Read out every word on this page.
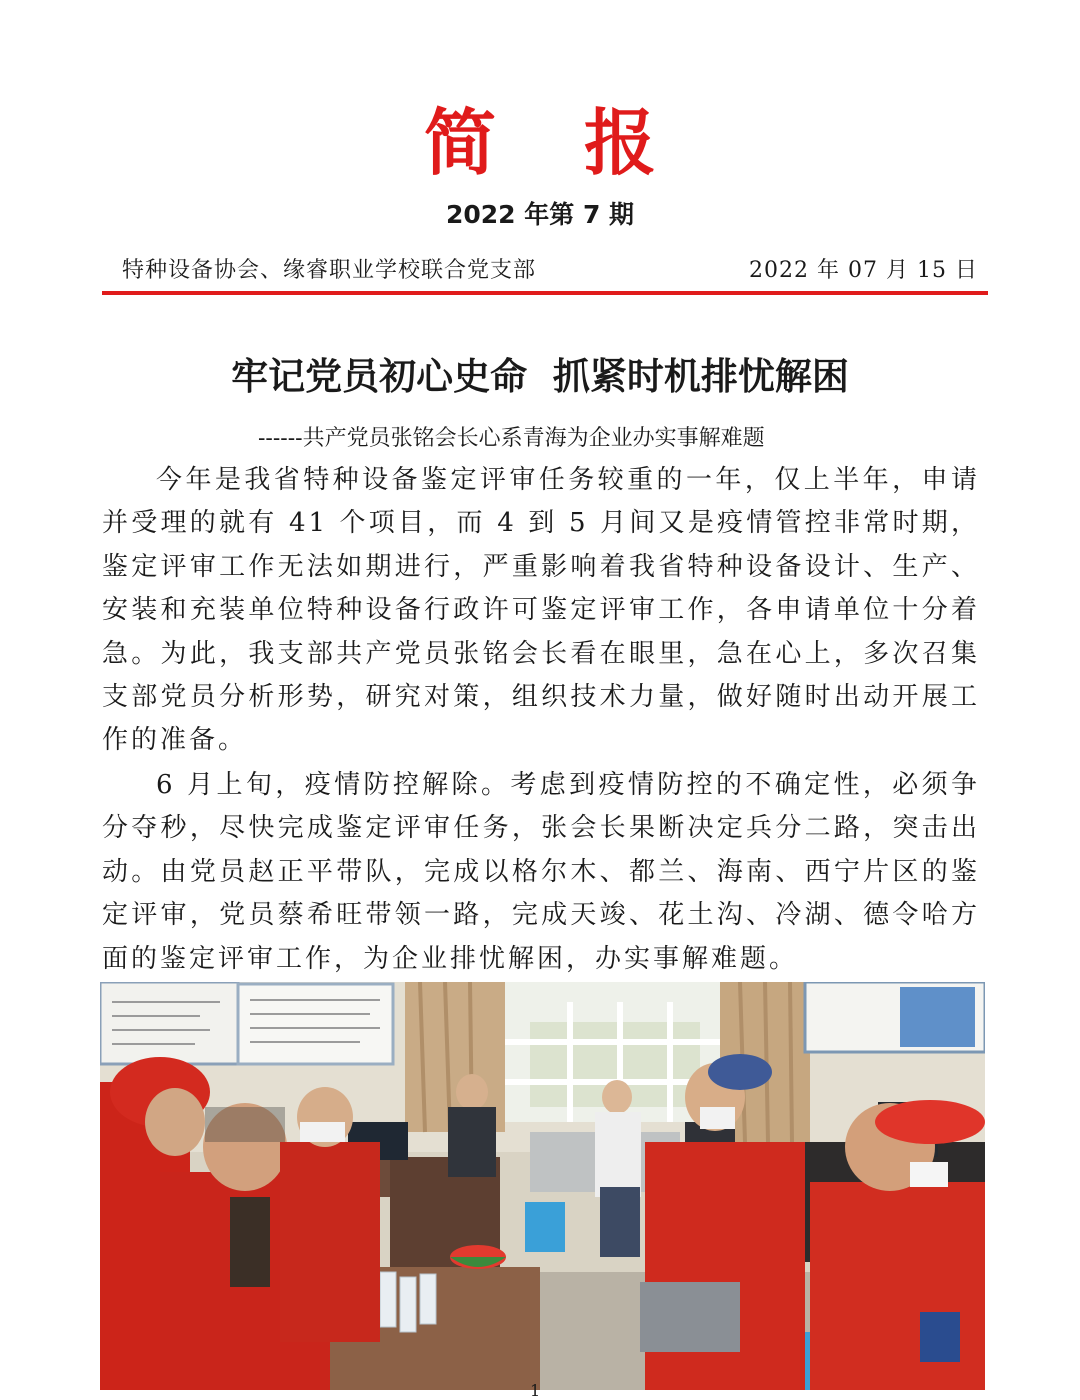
简报
2022 年第 7 期
特种设备协会、缘睿职业学校联合党支部	2022 年 07 月 15 日
牢记党员初心史命  抓紧时机排忧解困
------共产党员张铭会长心系青海为企业办实事解难题

今年是我省特种设备鉴定评审任务较重的一年，仅上半年，申请并受理的就有 41 个项目，而 4 到 5 月间又是疫情管控非常时期，鉴定评审工作无法如期进行，严重影响着我省特种设备设计、生产、安装和充装单位特种设备行政许可鉴定评审工作，各申请单位十分着急。为此，我支部共产党员张铭会长看在眼里，急在心上，多次召集支部党员分析形势，研究对策，组织技术力量，做好随时出动开展工作的准备。

6 月上旬，疫情防控解除。考虑到疫情防控的不确定性，必须争分夺秒，尽快完成鉴定评审任务，张会长果断决定兵分二路，突击出动。由党员赵正平带队，完成以格尔木、都兰、海南、西宁片区的鉴定评审，党员蔡希旺带领一路，完成天竣、花土沟、冷湖、德令哈方面的鉴定评审工作，为企业排忧解困，办实事解难题。

1
